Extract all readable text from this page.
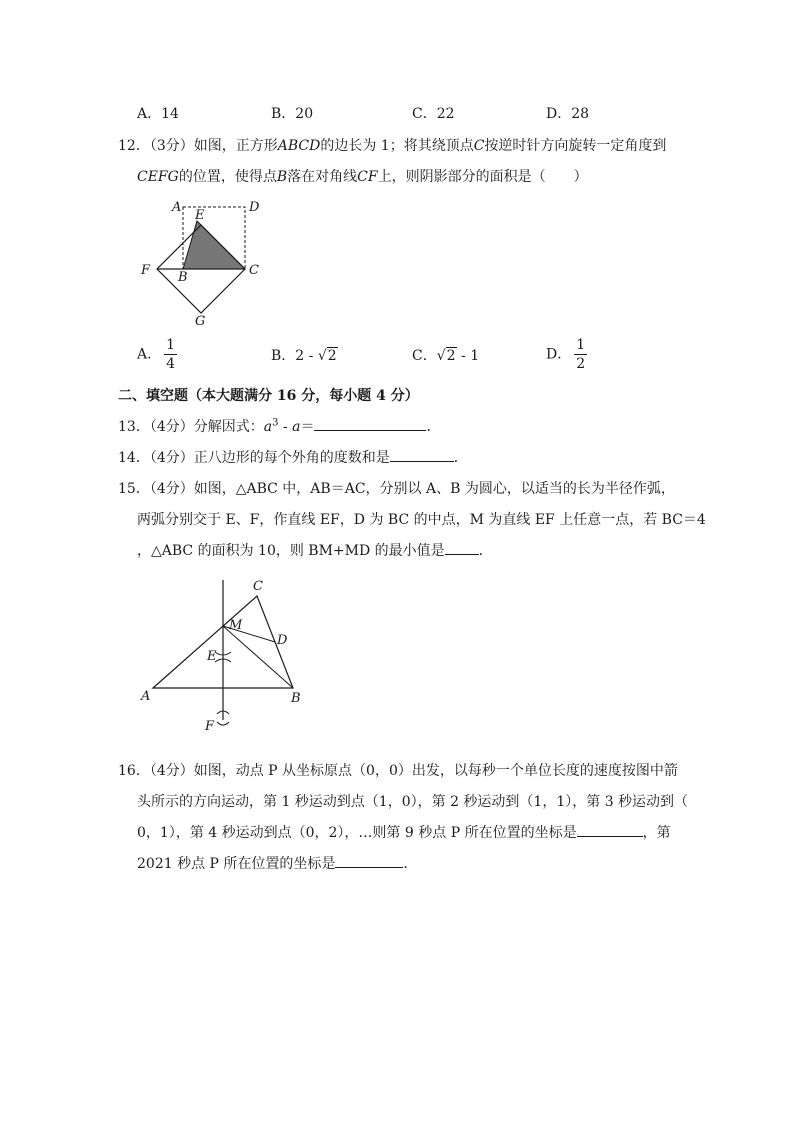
A．14	B．20	C．22	D．28
12．（3分）如图，正方形ABCD的边长为 1；将其绕顶点C按逆时针方向旋转一定角度到
CEFG的位置，使得点B落在对角线CF上，则阴影部分的面积是（　　）
A
E
D
F B	C
G
A． $\frac{1}{4}$	B．2 - √2	C．√2 - 1	D． $\frac{1}{2}$
二、填空题（本大题满分 16 分，每小题 4 分）
13．（4分）分解因式：$a^3 - a=$	．
14．（4分）正八边形的每个外角的度数和是	．
15．（4分）如图，△ABC 中，AB＝AC，分别以 A、B 为圆心，以适当的长为半径作弧，
两弧分别交于 E、F，作直线 EF，D 为 BC 的中点，M 为直线 EF 上任意一点，若 BC＝4
，△ABC 的面积为 10，则 BM+MD 的最小值是 ．
C
M
D
E
A	B
F
16．（4分）如图，动点 P 从坐标原点（0，0）出发，以每秒一个单位长度的速度按图中箭
头所示的方向运动，第 1 秒运动到点（1，0），第 2 秒运动到（1，1），第 3 秒运动到（
0，1），第 4 秒运动到点（0，2），…则第 9 秒点 P 所在位置的坐标是	，第
2021 秒点 P 所在位置的坐标是	．
